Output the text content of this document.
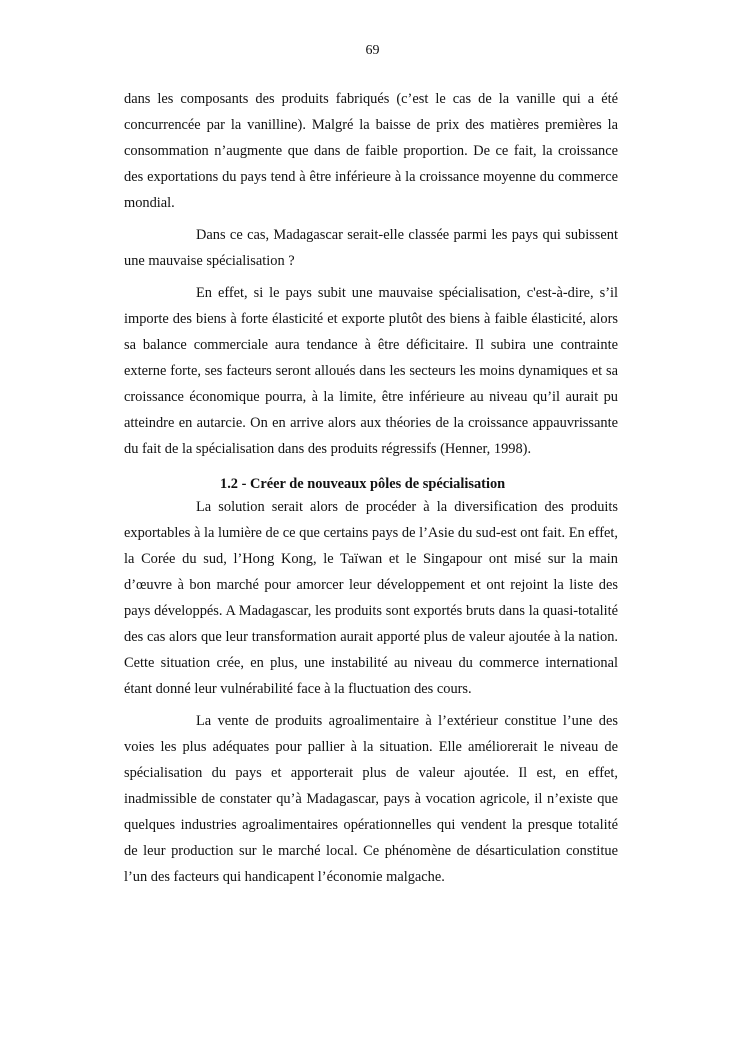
69

dans les composants des produits fabriqués (c’est le cas de la vanille qui a été concurrencée par la vanilline). Malgré la baisse de prix des matières premières la consommation n’augmente que dans de faible proportion. De ce fait, la croissance des exportations du pays tend à être inférieure à la croissance moyenne du commerce mondial.

Dans ce cas, Madagascar serait-elle classée parmi les pays qui subissent une mauvaise spécialisation ?

En effet, si le pays subit une mauvaise spécialisation, c'est-à-dire, s’il importe des biens à forte élasticité et exporte plutôt des biens à faible élasticité, alors sa balance commerciale aura tendance à être déficitaire. Il subira une contrainte externe forte, ses facteurs seront alloués dans les secteurs les moins dynamiques et sa croissance économique pourra, à la limite, être inférieure au niveau qu’il aurait pu atteindre en autarcie. On en arrive alors aux théories de la croissance appauvrissante du fait de la spécialisation dans des produits régressifs (Henner, 1998).

1.2 - Créer de nouveaux pôles de spécialisation

La solution serait alors de procéder à la diversification des produits exportables à la lumière de ce que certains pays de l’Asie du sud-est ont fait. En effet, la Corée du sud, l’Hong Kong, le Taïwan et le Singapour ont misé sur la main d’œuvre à bon marché pour amorcer leur développement et ont rejoint la liste des pays développés. A Madagascar, les produits sont exportés bruts dans la quasi-totalité des cas alors que leur transformation aurait apporté plus de valeur ajoutée à la nation. Cette situation crée, en plus, une instabilité au niveau du commerce international étant donné leur vulnérabilité face à la fluctuation des cours.

La vente de produits agroalimentaire à l’extérieur constitue l’une des voies les plus adéquates pour pallier à la situation. Elle améliorerait le niveau de spécialisation du pays et apporterait plus de valeur ajoutée. Il est, en effet, inadmissible de constater qu’à Madagascar, pays à vocation agricole, il n’existe que quelques industries agroalimentaires opérationnelles qui vendent la presque totalité de leur production sur le marché local. Ce phénomène de désarticulation constitue l’un des facteurs qui handicapent l’économie malgache.
